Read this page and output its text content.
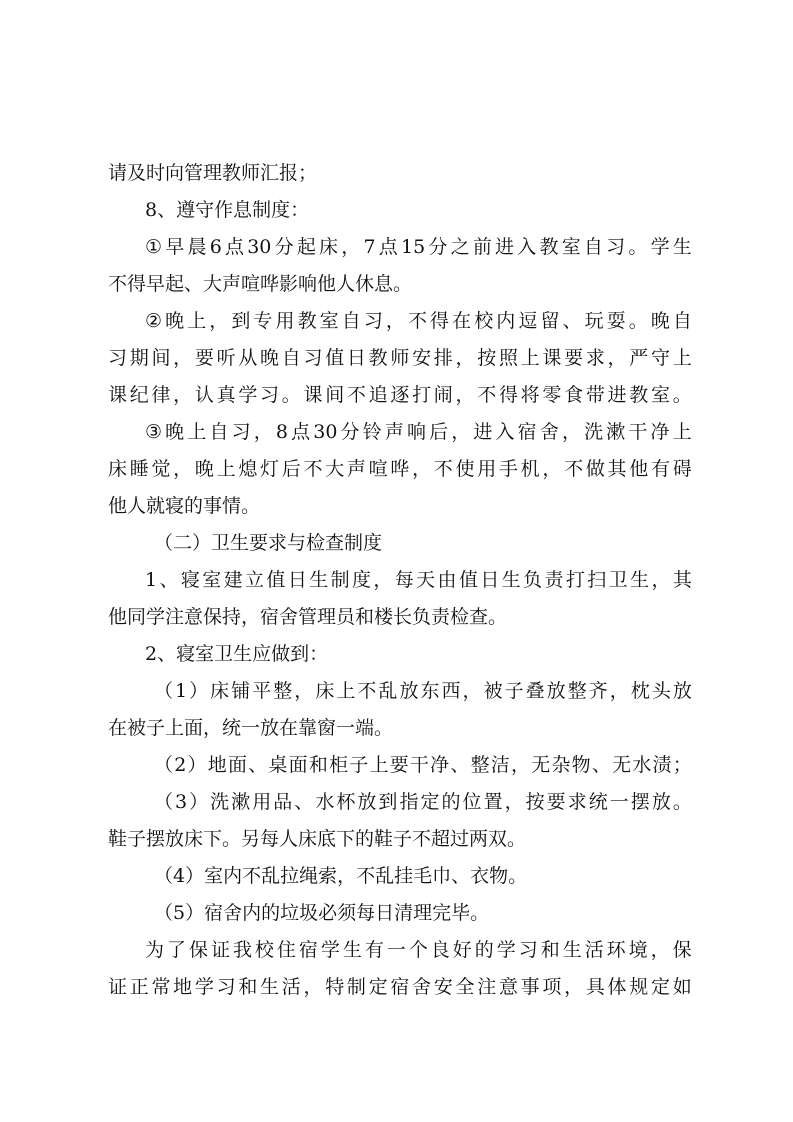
请及时向管理教师汇报；
8、遵守作息制度：
① 早 晨 6 点 30 分 起 床 ， 7 点 15 分 之 前 进 入 教 室 自 习 。 学 生
不得早起、大声喧哗影响他人休息。
② 晚 上 ， 到 专 用 教 室 自 习 ， 不 得 在 校 内 逗 留 、 玩 耍 。 晚 自
习 期 间 ， 要 听 从 晚 自 习 值 日 教 师 安 排 ， 按 照 上 课 要 求 ， 严 守 上
课 纪 律 ， 认 真 学 习 。 课 间 不 追 逐 打 闹 ， 不 得 将 零 食 带 进 教 室 。
③ 晚 上 自 习 ， 8 点 30 分 铃 声 响 后 ， 进 入 宿 舍 ， 洗 漱 干 净 上
床 睡 觉 ， 晚 上 熄 灯 后 不 大 声 喧 哗 ， 不 使 用 手 机 ， 不 做 其 他 有 碍
他人就寝的事情。
（二）卫生要求与检查制度
1 、 寝 室 建 立 值 日 生 制 度 ， 每 天 由 值 日 生 负 责 打 扫 卫 生 ， 其
他同学注意保持，宿舍管理员和楼长负责检查。
2、寝室卫生应做到：
（ 1 ） 床 铺 平 整 ， 床 上 不 乱 放 东 西 ， 被 子 叠 放 整 齐 ， 枕 头 放
在被子上面，统一放在靠窗一端。
（ 2 ） 地 面 、 桌 面 和 柜 子 上 要 干 净 、 整 洁 ， 无 杂 物 、 无 水 渍 ；
（ 3 ） 洗 漱 用 品 、 水 杯 放 到 指 定 的 位 置 ， 按 要 求 统 一 摆 放 。
鞋子摆放床下。另每人床底下的鞋子不超过两双。
（4）室内不乱拉绳索，不乱挂毛巾、衣物。
（5）宿舍内的垃圾必须每日清理完毕。
为 了 保 证 我 校 住 宿 学 生 有 一 个 良 好 的 学 习 和 生 活 环 境 ， 保
证 正 常 地 学 习 和 生 活 ， 特 制 定 宿 舍 安 全 注 意 事 项 ， 具 体 规 定 如
